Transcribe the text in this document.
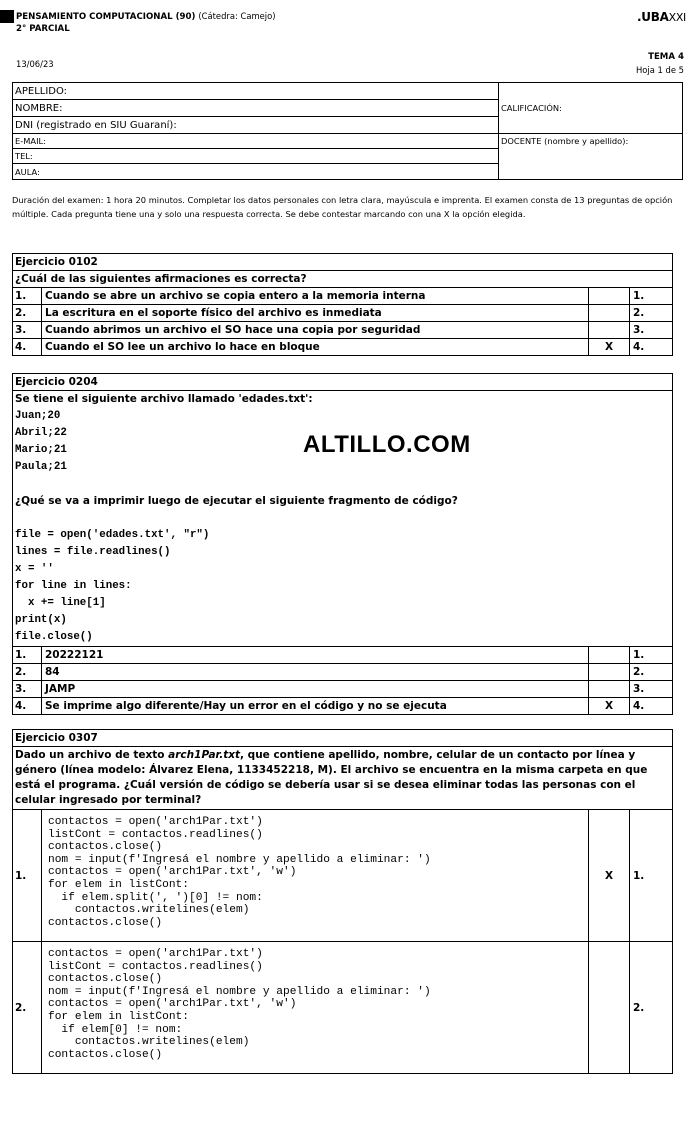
PENSAMIENTO COMPUTACIONAL (90) (Cátedra: Camejo)
2° PARCIAL
.UBAXXI
13/06/23
TEMA 4
Hoja 1 de 5
APELLIDO:	CALIFICACIÓN:
NOMBRE:	
DNI (registrado en SIU Guaraní):	
E-MAIL:	DOCENTE (nombre y apellido):
TEL:	
AULA:	
Duración del examen: 1 hora 20 minutos. Completar los datos personales con letra clara, mayúscula e imprenta. El examen consta de 13 preguntas de opción múltiple. Cada pregunta tiene una y solo una respuesta correcta. Se debe contestar marcando con una X la opción elegida.
Ejercicio 0102
¿Cuál de las siguientes afirmaciones es correcta?
1.	Cuando se abre un archivo se copia entero a la memoria interna	1.
2.	La escritura en el soporte físico del archivo es inmediata	2.
3.	Cuando abrimos un archivo el SO hace una copia por seguridad	3.
4.	Cuando el SO lee un archivo lo hace en bloque	X	4.
Ejercicio 0204
Se tiene el siguiente archivo llamado 'edades.txt':
Juan;20
Abril;22
Mario;21
Paula;21
¿Qué se va a imprimir luego de ejecutar el siguiente fragmento de código?
file = open('edades.txt', "r")
lines = file.readlines()
x = ''
for line in lines:
x += line[1]
print(x)
file.close()
1.	20222121	1.
2.	84	2.
3.	JAMP	3.
4.	Se imprime algo diferente/Hay un error en el código y no se ejecuta	X	4.
ALTILLO.COM
Ejercicio 0307
Dado un archivo de texto arch1Par.txt, que contiene apellido, nombre, celular de un contacto por línea y género (línea modelo: Álvarez Elena, 1133452218, M). El archivo se encuentra en la misma carpeta en que está el programa. ¿Cuál versión de código se debería usar si se desea eliminar todas las personas con el celular ingresado por terminal?
1.
contactos = open('arch1Par.txt')
listCont = contactos.readlines()
contactos.close()
nom = input(f'Ingresá el nombre y apellido a eliminar: ')
contactos = open('arch1Par.txt', 'w')
for elem in listCont:
if elem.split(', ')[0] != nom:
contactos.writelines(elem)
contactos.close()
X	1.
2.
contactos = open('arch1Par.txt')
listCont = contactos.readlines()
contactos.close()
nom = input(f'Ingresá el nombre y apellido a eliminar: ')
contactos = open('arch1Par.txt', 'w')
for elem in listCont:
if elem[0] != nom:
contactos.writelines(elem)
contactos.close()
2.
